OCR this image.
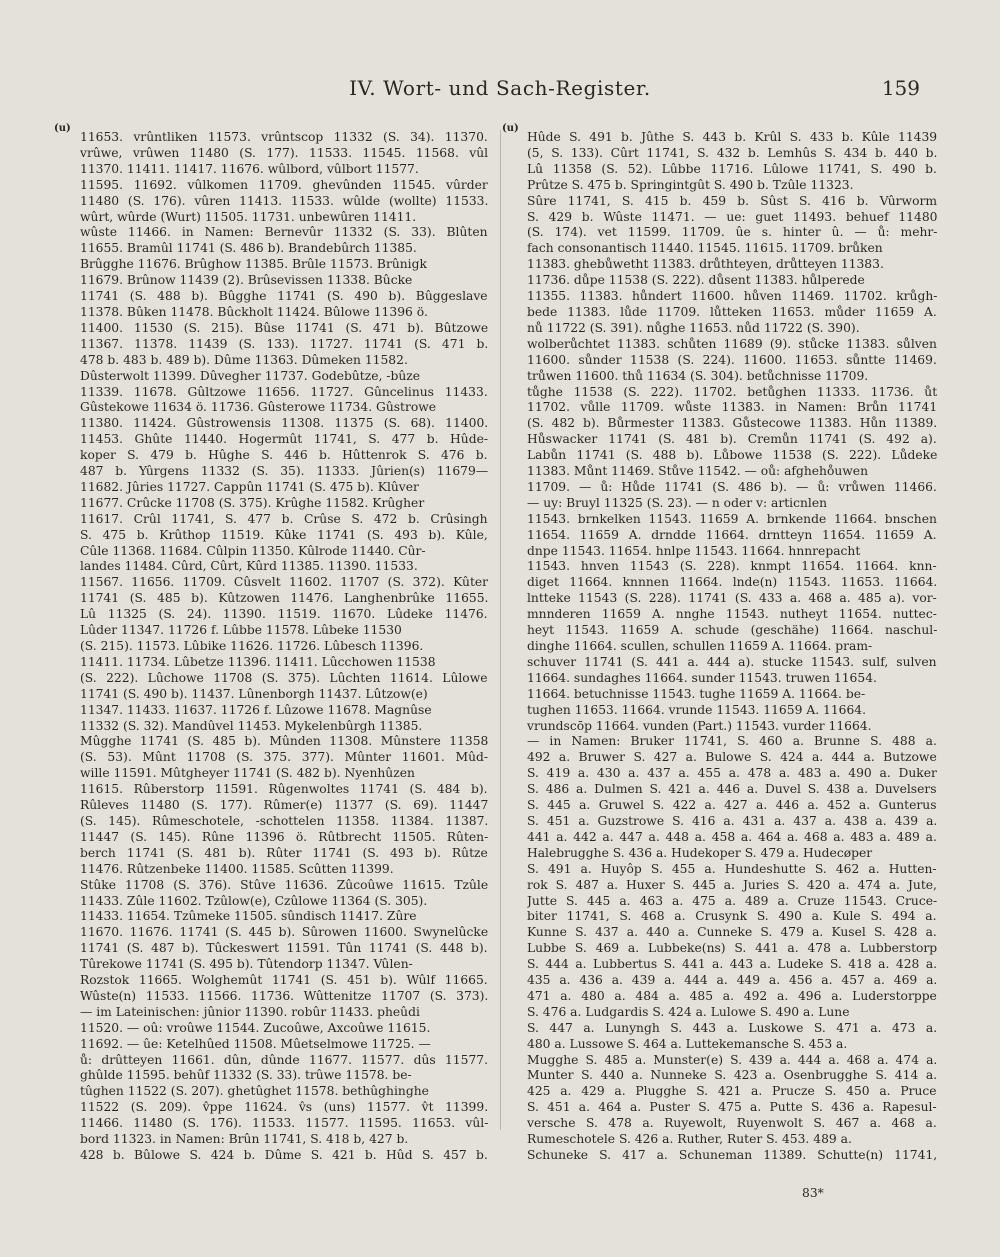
IV. Wort- und Sach-Register.	159
(u)	(u)
11653. vrûntliken 11573. vrûntscop 11332 (S. 34). 11370.
vrûwe, vrûwen 11480 (S. 177). 11533. 11545. 11568. vûl
11370. 11411. 11417. 11676. wûlbord, vûlbort 11577.
11595. 11692. vûlkomen 11709. ghevûnden 11545. vûrder
11480 (S. 176). vûren 11413. 11533. wûlde (wollte) 11533.
wûrt, wûrde (Wurt) 11505. 11731. unbewûren 11411.
wûste 11466. in Namen: Bernevûr 11332 (S. 33). Blûten
11655. Bramûl 11741 (S. 486 b). Brandebûrch 11385.
Brûgghe 11676. Brûghow 11385. Brûle 11573. Brûnigk
11679. Brûnow 11439 (2). Brûsevissen 11338. Bûcke
11741 (S. 488 b). Bûgghe 11741 (S. 490 b). Bûggeslave
11378. Bûken 11478. Bûckholt 11424. Bûlowe 11396 ö.
11400. 11530 (S. 215). Bûse 11741 (S. 471 b). Bûtzowe
11367. 11378. 11439 (S. 133). 11727. 11741 (S. 471 b.
478 b. 483 b. 489 b). Dûme 11363. Dûmeken 11582.
Dûsterwolt 11399. Dûvegher 11737. Godebûtze, -bûze
11339. 11678. Gûltzowe 11656. 11727. Gûncelinus 11433.
Gûstekowe 11634 ö. 11736. Gûsterowe 11734. Gûstrowe
11380. 11424. Gûstrowensis 11308. 11375 (S. 68). 11400.
11453. Ghûte 11440. Hogermût 11741, S. 477 b. Hûde-
koper S. 479 b. Hûghe S. 446 b. Hûttenrok S. 476 b.
487 b. Yûrgens 11332 (S. 35). 11333. Jûrien(s) 11679—
11682. Jûries 11727. Cappûn 11741 (S. 475 b). Klûver
11677. Crûcke 11708 (S. 375). Krûghe 11582. Krûgher
11617. Crûl 11741, S. 477 b. Crûse S. 472 b. Crûsingh
S. 475 b. Krûthop 11519. Kûke 11741 (S. 493 b). Kûle,
Cûle 11368. 11684. Cûlpin 11350. Kûlrode 11440. Cûr-
landes 11484. Cûrd, Cûrt, Kûrd 11385. 11390. 11533.
11567. 11656. 11709. Cûsvelt 11602. 11707 (S. 372). Kûter
11741 (S. 485 b). Kûtzowen 11476. Langhenbrûke 11655.
Lû 11325 (S. 24). 11390. 11519. 11670. Lûdeke 11476.
Lûder 11347. 11726 f. Lûbbe 11578. Lûbeke 11530
(S. 215). 11573. Lûbike 11626. 11726. Lûbesch 11396.
11411. 11734. Lûbetze 11396. 11411. Lûcchowen 11538
(S. 222). Lûchowe 11708 (S. 375). Lûchten 11614. Lûlowe
11741 (S. 490 b). 11437. Lûnenborgh 11437. Lûtzow(e)
11347. 11433. 11637. 11726 f. Lûzowe 11678. Magnûse
11332 (S. 32). Mandûvel 11453. Mykelenbûrgh 11385.
Mûgghe 11741 (S. 485 b). Mûnden 11308. Mûnstere 11358
(S. 53). Mûnt 11708 (S. 375. 377). Mûnter 11601. Mûd-
wille 11591. Mûtgheyer 11741 (S. 482 b). Nyenhûzen
11615. Rûberstorp 11591. Rûgenwoltes 11741 (S. 484 b).
Rûleves 11480 (S. 177). Rûmer(e) 11377 (S. 69). 11447
(S. 145). Rûmeschotele, -schottelen 11358. 11384. 11387.
11447 (S. 145). Rûne 11396 ö. Rûtbrecht 11505. Rûten-
berch 11741 (S. 481 b). Rûter 11741 (S. 493 b). Rûtze
11476. Rûtzenbeke 11400. 11585. Scûtten 11399.
Stûke 11708 (S. 376). Stûve 11636. Zûcoûwe 11615. Tzûle
11433. Zûle 11602. Tzûlow(e), Czûlowe 11364 (S. 305).
11433. 11654. Tzûmeke 11505. sûndisch 11417. Zûre
11670. 11676. 11741 (S. 445 b). Sûrowen 11600. Swynelûcke
11741 (S. 487 b). Tûckeswert 11591. Tûn 11741 (S. 448 b).
Tûrekowe 11741 (S. 495 b). Tûtendorp 11347. Vûlen-
Rozstok 11665. Wolghemût 11741 (S. 451 b). Wûlf 11665.
Wûste(n) 11533. 11566. 11736. Wûttenitze 11707 (S. 373).
— im Lateinischen: jûnior 11390. robûr 11433. pheûdi
11520. — oû: vroûwe 11544. Zucoûwe, Axcoûwe 11615.
11692. — ûe: Ketelhûed 11508. Mûetselmowe 11725. —
ů: drûtteyen 11661. dûn, dûnde 11677. 11577. dûs 11577.
ghûlde 11595. behûf 11332 (S. 33). trûwe 11578. be-
tûghen 11522 (S. 207). ghetûghet 11578. bethûghinghe
11522 (S. 209). v̂ppe 11624. v̂s (uns) 11577. v̂t 11399.
11466. 11480 (S. 176). 11533. 11577. 11595. 11653. vûl-
bord 11323. in Namen: Brûn 11741, S. 418 b, 427 b.
428 b. Bûlowe S. 424 b. Dûme S. 421 b. Hûd S. 457 b.
Hûde S. 491 b. Jûthe S. 443 b. Krûl S. 433 b. Kûle 11439
(5, S. 133). Cûrt 11741, S. 432 b. Lemhûs S. 434 b. 440 b.
Lû 11358 (S. 52). Lûbbe 11716. Lûlowe 11741, S. 490 b.
Prûtze S. 475 b. Springintgût S. 490 b. Tzûle 11323.
Sûre 11741, S. 415 b. 459 b. Sûst S. 416 b. Vûrworm
S. 429 b. Wûste 11471. — ue: guet 11493. behuef 11480
(S. 174). vet 11599. 11709. ûe s. hinter û. — ů: mehr-
fach consonantisch 11440. 11545. 11615. 11709. brůken
11383. ghebůwetht 11383. drůthteyen, drůtteyen 11383.
11736. důpe 11538 (S. 222). důsent 11383. hůlperede
11355. 11383. hůndert 11600. hůven 11469. 11702. krůgh-
bede 11383. lůde 11709. lůtteken 11653. můder 11659 A.
nů 11722 (S. 391). nůghe 11653. nůd 11722 (S. 390).
wolberůchtet 11383. schůten 11689 (9). stůcke 11383. sůlven
11600. sůnder 11538 (S. 224). 11600. 11653. sůntte 11469.
trůwen 11600. thů 11634 (S. 304). betůchnisse 11709.
tůghe 11538 (S. 222). 11702. betůghen 11333. 11736. ůt
11702. vůlle 11709. wůste 11383. in Namen: Brůn 11741
(S. 482 b). Bůrmester 11383. Gůstecowe 11383. Hůn 11389.
Hůswacker 11741 (S. 481 b). Cremůn 11741 (S. 492 a).
Labůn 11741 (S. 488 b). Lůbowe 11538 (S. 222). Lůdeke
11383. Můnt 11469. Stůve 11542. — oů: afgheho̊uwen
11709. — ů: Hůde 11741 (S. 486 b). — ů: vrůwen 11466.
— uy: Bruyl 11325 (S. 23). — n oder v: articnlen
11543. brnkelken 11543. 11659 A. brnkende 11664. bnschen
11654. 11659 A. drndde 11664. drntteyn 11654. 11659 A.
dnpe 11543. 11654. hnlpe 11543. 11664. hnnrepacht
11543. hnven 11543 (S. 228). knmpt 11654. 11664. knn-
diget 11664. knnnen 11664. lnde(n) 11543. 11653. 11664.
lntteke 11543 (S. 228). 11741 (S. 433 a. 468 a. 485 a). vor-
mnnderen 11659 A. nnghe 11543. nutheyt 11654. nuttec-
heyt 11543. 11659 A. schude (geschähe) 11664. naschul-
dinghe 11664. scullen, schullen 11659 A. 11664. pram-
schuver 11741 (S. 441 a. 444 a). stucke 11543. sulf, sulven
11664. sundaghes 11664. sunder 11543. truwen 11654.
11664. betuchnisse 11543. tughe 11659 A. 11664. be-
tughen 11653. 11664. vrunde 11543. 11659 A. 11664.
vrundscōp 11664. vunden (Part.) 11543. vurder 11664.
— in Namen: Bruker 11741, S. 460 a. Brunne S. 488 a.
492 a. Bruwer S. 427 a. Bulowe S. 424 a. 444 a. Butzowe
S. 419 a. 430 a. 437 a. 455 a. 478 a. 483 a. 490 a. Duker
S. 486 a. Dulmen S. 421 a. 446 a. Duvel S. 438 a. Duvelsers
S. 445 a. Gruwel S. 422 a. 427 a. 446 a. 452 a. Gunterus
S. 451 a. Guzstrowe S. 416 a. 431 a. 437 a. 438 a. 439 a.
441 a. 442 a. 447 a. 448 a. 458 a. 464 a. 468 a. 483 a. 489 a.
Halebrugghe S. 436 a. Hudekoper S. 479 a. Hudecøper
S. 491 a. Huyôp S. 455 a. Hundeshutte S. 462 a. Hutten-
rok S. 487 a. Huxer S. 445 a. Juries S. 420 a. 474 a. Jute,
Jutte S. 445 a. 463 a. 475 a. 489 a. Cruze 11543. Cruce-
biter 11741, S. 468 a. Crusynk S. 490 a. Kule S. 494 a.
Kunne S. 437 a. 440 a. Cunneke S. 479 a. Kusel S. 428 a.
Lubbe S. 469 a. Lubbeke(ns) S. 441 a. 478 a. Lubberstorp
S. 444 a. Lubbertus S. 441 a. 443 a. Ludeke S. 418 a. 428 a.
435 a. 436 a. 439 a. 444 a. 449 a. 456 a. 457 a. 469 a.
471 a. 480 a. 484 a. 485 a. 492 a. 496 a. Luderstorppe
S. 476 a. Ludgardis S. 424 a. Lulowe S. 490 a. Lune
S. 447 a. Lunyngh S. 443 a. Luskowe S. 471 a. 473 a.
480 a. Lussowe S. 464 a. Luttekemansche S. 453 a.
Mugghe S. 485 a. Munster(e) S. 439 a. 444 a. 468 a. 474 a.
Munter S. 440 a. Nunneke S. 423 a. Osenbrugghe S. 414 a.
425 a. 429 a. Plugghe S. 421 a. Prucze S. 450 a. Pruce
S. 451 a. 464 a. Puster S. 475 a. Putte S. 436 a. Rapesul-
versche S. 478 a. Ruyewolt, Ruyenwolt S. 467 a. 468 a.
Rumeschotele S. 426 a. Ruther, Ruter S. 453. 489 a.
Schuneke S. 417 a. Schuneman 11389. Schutte(n) 11741,
83*
